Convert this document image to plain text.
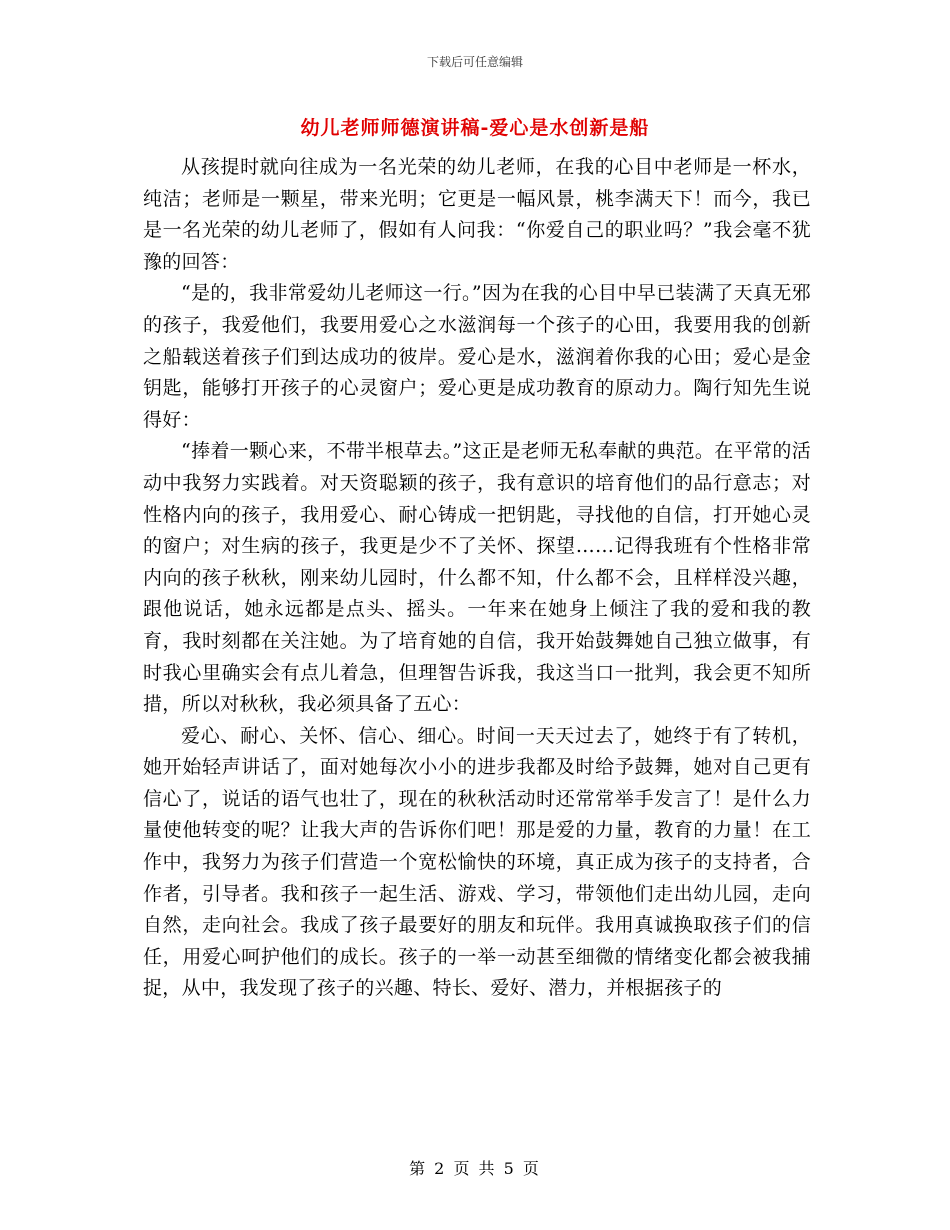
下载后可任意编辑
幼儿老师师德演讲稿-爱心是水创新是船

从孩提时就向往成为一名光荣的幼儿老师，在我的心目中老师是一杯水，纯洁；老师是一颗星，带来光明；它更是一幅风景，桃李满天下！而今，我已是一名光荣的幼儿老师了，假如有人问我：“你爱自己的职业吗？”我会毫不犹豫的回答：

“是的，我非常爱幼儿老师这一行。”因为在我的心目中早已装满了天真无邪的孩子，我爱他们，我要用爱心之水滋润每一个孩子的心田，我要用我的创新之船载送着孩子们到达成功的彼岸。爱心是水，滋润着你我的心田；爱心是金钥匙，能够打开孩子的心灵窗户；爱心更是成功教育的原动力。陶行知先生说得好：

“捧着一颗心来，不带半根草去。”这正是老师无私奉献的典范。在平常的活动中我努力实践着。对天资聪颖的孩子，我有意识的培育他们的品行意志；对性格内向的孩子，我用爱心、耐心铸成一把钥匙，寻找他的自信，打开她心灵的窗户；对生病的孩子，我更是少不了关怀、探望……记得我班有个性格非常内向的孩子秋秋，刚来幼儿园时，什么都不知，什么都不会，且样样没兴趣，跟他说话，她永远都是点头、摇头。一年来在她身上倾注了我的爱和我的教育，我时刻都在关注她。为了培育她的自信，我开始鼓舞她自己独立做事，有时我心里确实会有点儿着急，但理智告诉我，我这当口一批判，我会更不知所措，所以对秋秋，我必须具备了五心：

爱心、耐心、关怀、信心、细心。时间一天天过去了，她终于有了转机，她开始轻声讲话了，面对她每次小小的进步我都及时给予鼓舞，她对自己更有信心了，说话的语气也壮了，现在的秋秋活动时还常常举手发言了！是什么力量使他转变的呢？让我大声的告诉你们吧！那是爱的力量，教育的力量！在工作中，我努力为孩子们营造一个宽松愉快的环境，真正成为孩子的支持者，合作者，引导者。我和孩子一起生活、游戏、学习，带领他们走出幼儿园，走向自然，走向社会。我成了孩子最要好的朋友和玩伴。我用真诚换取孩子们的信任，用爱心呵护他们的成长。孩子的一举一动甚至细微的情绪变化都会被我捕捉，从中，我发现了孩子的兴趣、特长、爱好、潜力，并根据孩子的

第 2 页 共 5 页
